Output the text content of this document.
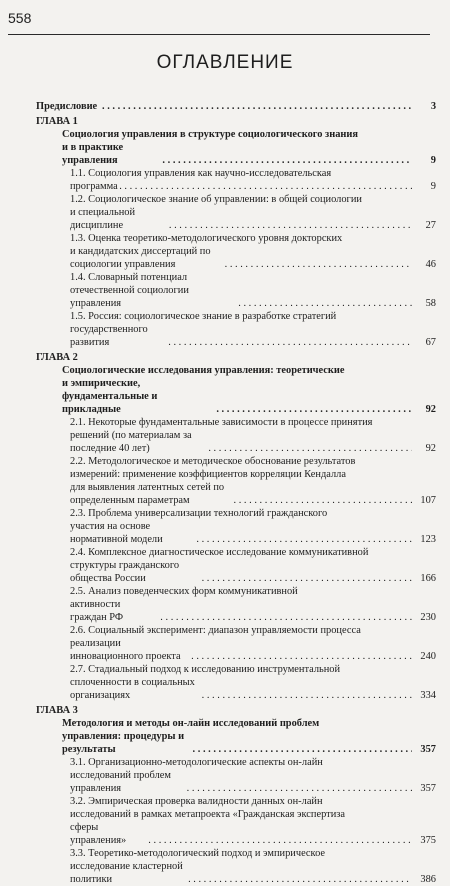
558
ОГЛАВЛЕНИЕ
Предисловие . . .	3
ГЛАВА 1
Социология управления в структуре социологического знания
и в практике управления . . .	9
1.1. Социология управления как научно-исследовательская
программа . . .	9
1.2. Социологическое знание об управлении: в общей социологии
и специальной дисциплине . . .	27
1.3. Оценка теоретико-методологического уровня докторских
и кандидатских диссертаций по социологии управления . . .	46
1.4. Словарный потенциал отечественной социологии управления . . .	58
1.5. Россия: социологическое знание в разработке стратегий
государственного развития . . .	67
ГЛАВА 2
Социологические исследования управления: теоретические
и эмпирические, фундаментальные и прикладные . . .	92
2.1. Некоторые фундаментальные зависимости в процессе принятия
решений (по материалам за последние 40 лет) . . .	92
2.2. Методологическое и методическое обоснование результатов
измерений: применение коэффициентов корреляции Кендалла
для выявления латентных сетей по определенным параметрам . . .	107
2.3. Проблема универсализации технологий гражданского
участия на основе нормативной модели . . .	123
2.4. Комплексное диагностическое исследование коммуникативной
структуры гражданского общества России . . .	166
2.5. Анализ поведенческих форм коммуникативной
активности граждан РФ . . .	230
2.6. Социальный эксперимент: диапазон управляемости процесса
реализации инновационного проекта . . .	240
2.7. Стадиальный подход к исследованию инструментальной
сплоченности в социальных организациях . . .	334
ГЛАВА 3
Методология и методы он-лайн исследований проблем
управления: процедуры и результаты . . .	357
3.1. Организационно-методологические аспекты он-лайн
исследований проблем управления . . .	357
3.2. Эмпирическая проверка валидности данных он-лайн
исследований в рамках метапроекта «Гражданская экспертиза
сферы управления» . . .	375
3.3. Теоретико-методологический подход и эмпирическое
исследование кластерной политики . . .	386
